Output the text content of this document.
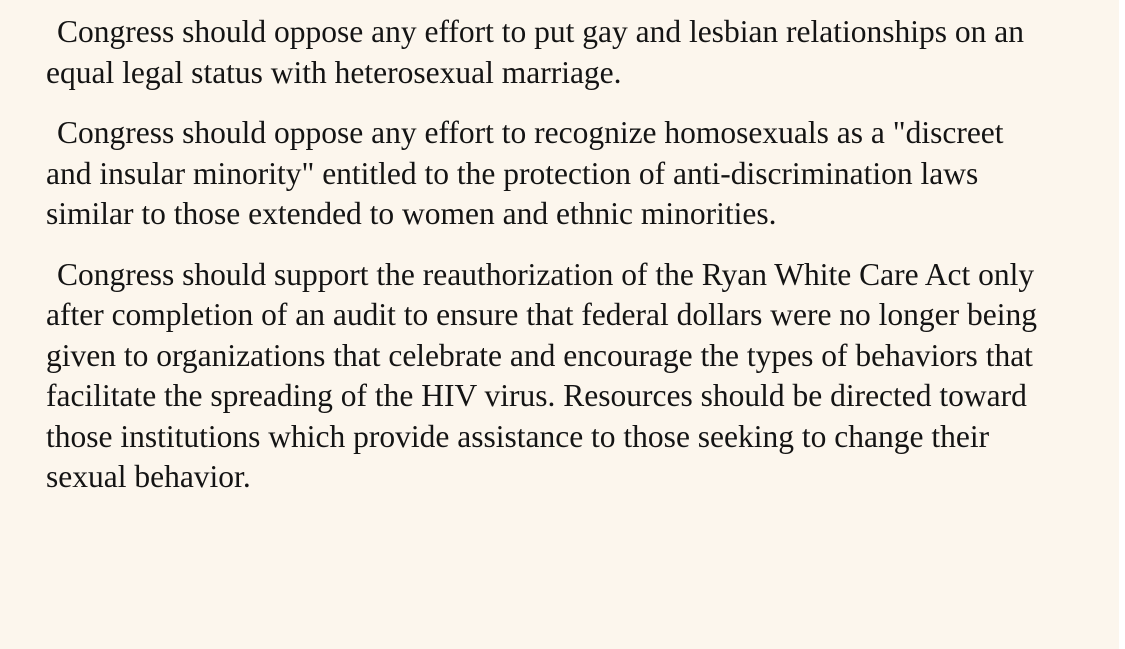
Congress should oppose any effort to put gay and lesbian relationships on an equal legal status with heterosexual marriage.

Congress should oppose any effort to recognize homosexuals as a "discreet and insular minority" entitled to the protection of anti-discrimination laws similar to those extended to women and ethnic minorities.

Congress should support the reauthorization of the Ryan White Care Act only after completion of an audit to ensure that federal dollars were no longer being given to organizations that celebrate and encourage the types of behaviors that facilitate the spreading of the HIV virus. Resources should be directed toward those institutions which provide assistance to those seeking to change their sexual behavior.
